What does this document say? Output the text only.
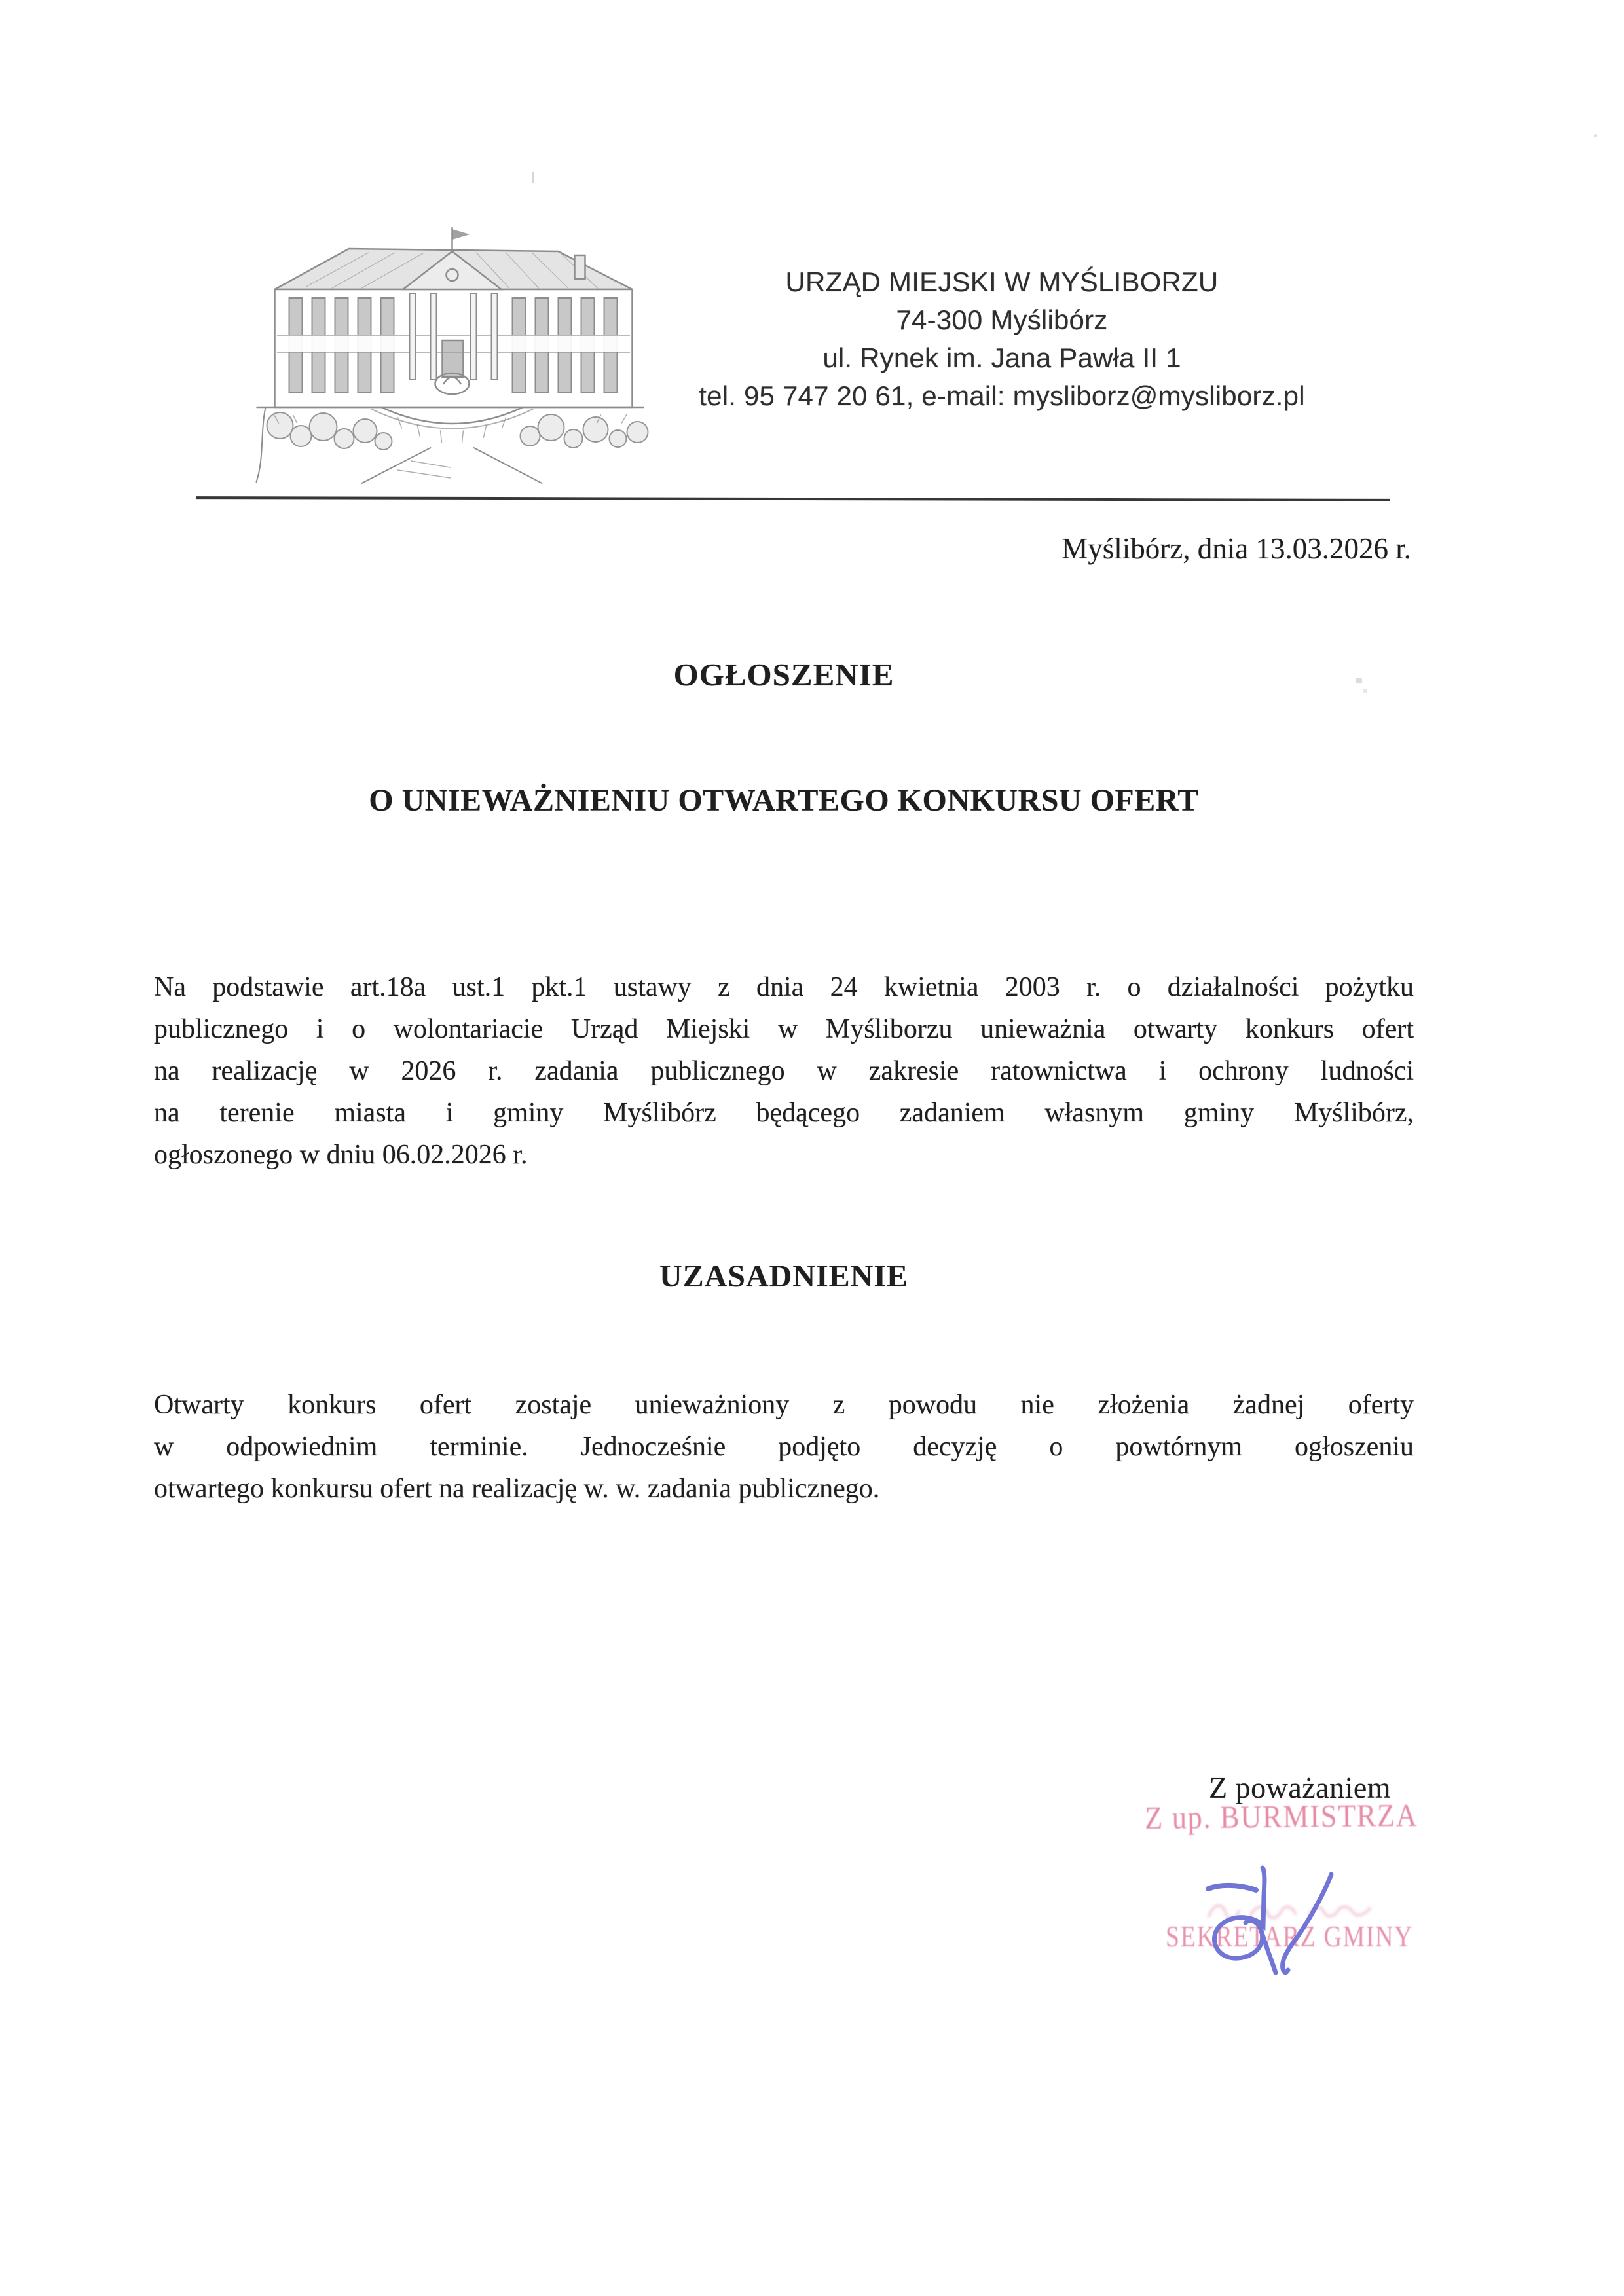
URZĄD MIEJSKI W MYŚLIBORZU
74-300 Myślibórz
ul. Rynek im. Jana Pawła II 1
tel. 95 747 20 61, e-mail: mysliborz@mysliborz.pl
Myślibórz, dnia 13.03.2026 r.
OGŁOSZENIE
O UNIEWAŻNIENIU OTWARTEGO KONKURSU OFERT
Na podstawie art.18a ust.1 pkt.1 ustawy z dnia 24 kwietnia 2003 r. o działalności pożytku
publicznego i o wolontariacie Urząd Miejski w Myśliborzu unieważnia otwarty konkurs ofert
na realizację w 2026 r. zadania publicznego w zakresie ratownictwa i ochrony ludności
na terenie miasta i gminy Myślibórz będącego zadaniem własnym gminy Myślibórz,
ogłoszonego w dniu 06.02.2026 r.
UZASADNIENIE
Otwarty konkurs ofert zostaje unieważniony z powodu nie złożenia żadnej oferty
w odpowiednim terminie. Jednocześnie podjęto decyzję o powtórnym ogłoszeniu
otwartego konkursu ofert na realizację w. w. zadania publicznego.
Z poważaniem
Z up. BURMISTRZA
SEKRETARZ GMINY
